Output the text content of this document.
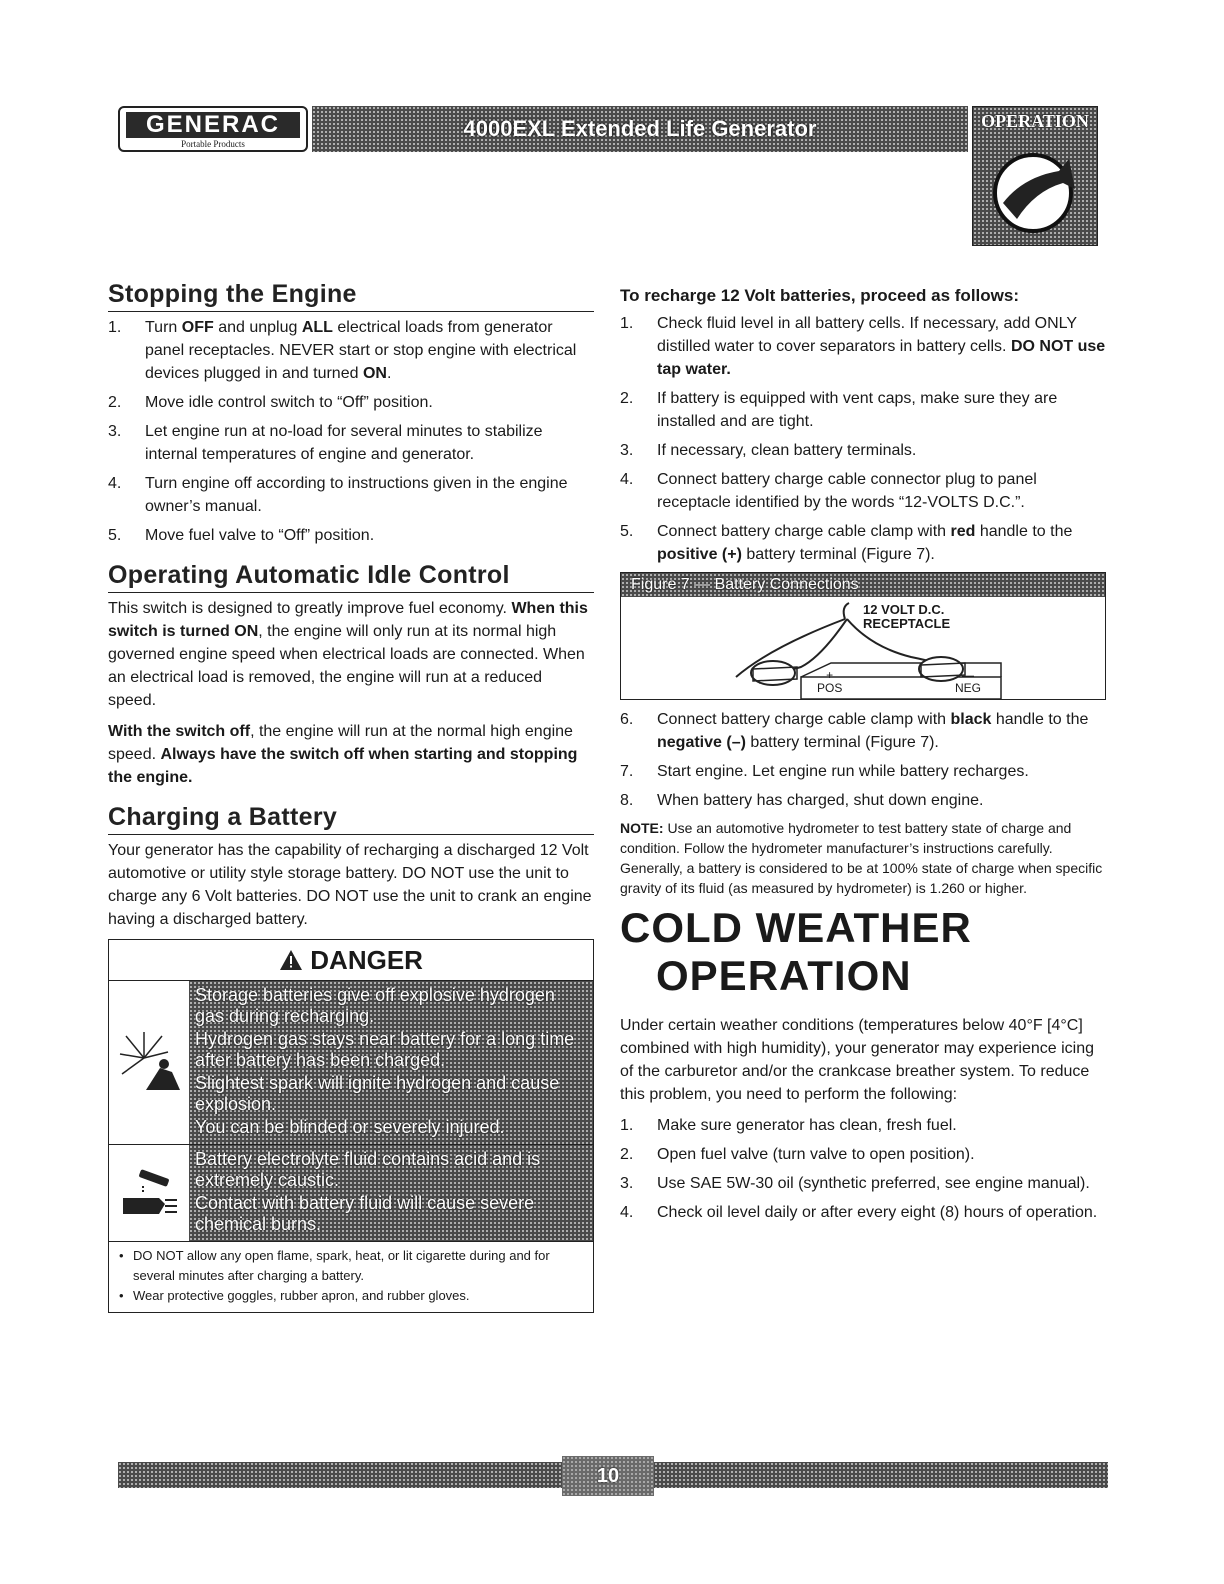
GENERAC
Portable Products
4000EXL Extended Life Generator	OPERATION
Stopping the Engine
1. Turn OFF and unplug ALL electrical loads from generator panel receptacles. NEVER start or stop engine with electrical devices plugged in and turned ON.
2. Move idle control switch to “Off” position.
3. Let engine run at no-load for several minutes to stabilize internal temperatures of engine and generator.
4. Turn engine off according to instructions given in the engine owner’s manual.
5. Move fuel valve to “Off” position.
Operating Automatic Idle Control

This switch is designed to greatly improve fuel economy. When this switch is turned ON, the engine will only run at its normal high governed engine speed when electrical loads are connected. When an electrical load is removed, the engine will run at a reduced speed.

With the switch off, the engine will run at the normal high engine speed. Always have the switch off when starting and stopping the engine.

Charging a Battery

Your generator has the capability of recharging a discharged 12 Volt automotive or utility style storage battery. DO NOT use the unit to charge any 6 Volt batteries. DO NOT use the unit to crank an engine having a discharged battery.

DANGER
Storage batteries give off explosive hydrogen gas during recharging.
Hydrogen gas stays near battery for a long time after battery has been charged.
Slightest spark will ignite hydrogen and cause explosion.
You can be blinded or severely injured.
Battery electrolyte fluid contains acid and is extremely caustic.
Contact with battery fluid will cause severe chemical burns.
• DO NOT allow any open flame, spark, heat, or lit cigarette during and for several minutes after charging a battery.
• Wear protective goggles, rubber apron, and rubber gloves.
To recharge 12 Volt batteries, proceed as follows:
1. Check fluid level in all battery cells. If necessary, add ONLY distilled water to cover separators in battery cells. DO NOT use tap water.
2. If battery is equipped with vent caps, make sure they are installed and are tight.
3. If necessary, clean battery terminals.
4. Connect battery charge cable connector plug to panel receptacle identified by the words “12-VOLTS D.C.”.
5. Connect battery charge cable clamp with red handle to the positive (+) battery terminal (Figure 7).
Figure 7 — Battery Connections
12 VOLT D.C.
RECEPTACLE
+
POS
—
NEG
6. Connect battery charge cable clamp with black handle to the negative (–) battery terminal (Figure 7).
7. Start engine. Let engine run while battery recharges.
8. When battery has charged, shut down engine.

NOTE: Use an automotive hydrometer to test battery state of charge and condition. Follow the hydrometer manufacturer’s instructions carefully. Generally, a battery is considered to be at 100% state of charge when specific gravity of its fluid (as measured by hydrometer) is 1.260 or higher.

COLD WEATHER
OPERATION

Under certain weather conditions (temperatures below 40°F [4°C] combined with high humidity), your generator may experience icing of the carburetor and/or the crankcase breather system. To reduce this problem, you need to perform the following:

1. Make sure generator has clean, fresh fuel.
2. Open fuel valve (turn valve to open position).
3. Use SAE 5W-30 oil (synthetic preferred, see engine manual).
4. Check oil level daily or after every eight (8) hours of operation.
10
